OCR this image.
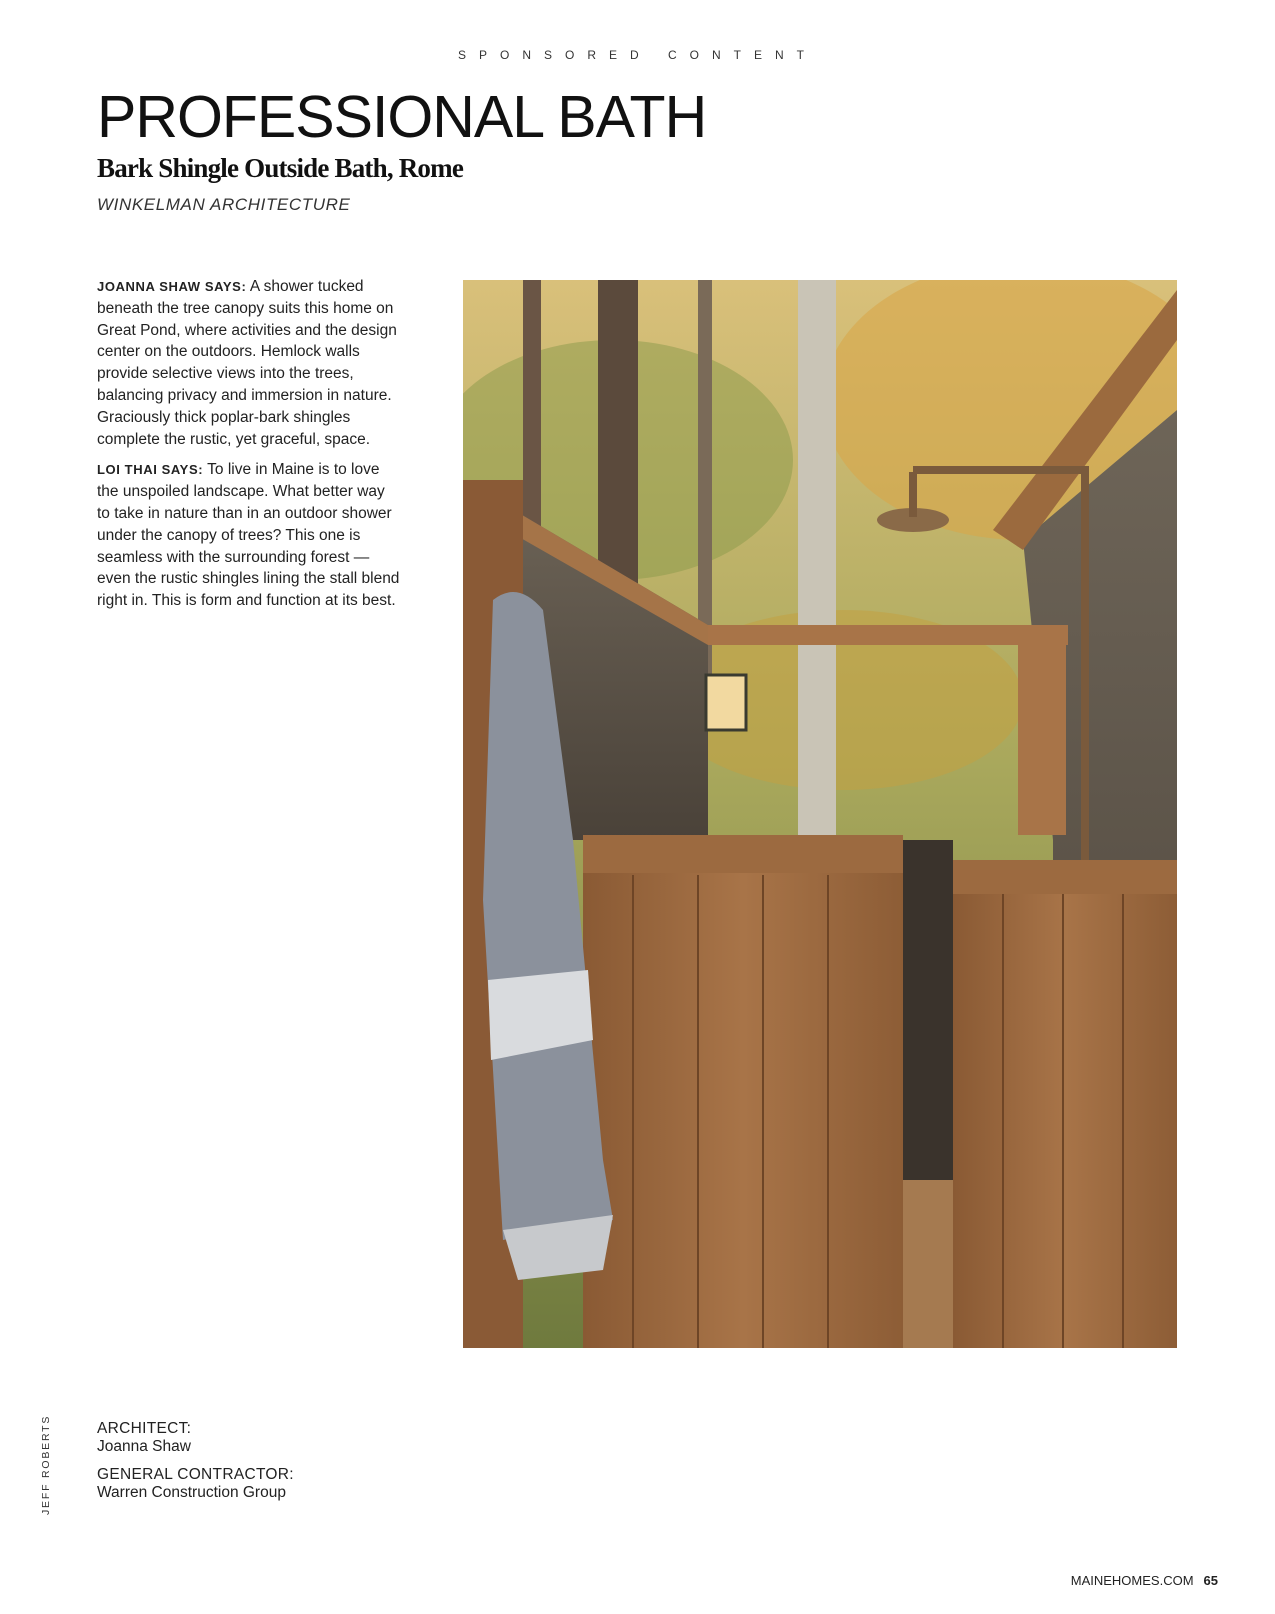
SPONSORED CONTENT
PROFESSIONAL BATH
Bark Shingle Outside Bath, Rome
WINKELMAN ARCHITECTURE

JOANNA SHAW SAYS: A shower tucked beneath the tree canopy suits this home on Great Pond, where activities and the design center on the outdoors. Hemlock walls provide selective views into the trees, balancing privacy and immersion in nature. Graciously thick poplar-bark shingles complete the rustic, yet graceful, space.

LOI THAI SAYS: To live in Maine is to love the unspoiled landscape. What better way to take in nature than in an outdoor shower under the canopy of trees? This one is seamless with the surrounding forest — even the rustic shingles lining the stall blend right in. This is form and function at its best.

JEFF ROBERTS	ARCHITECT:
Joanna Shaw
GENERAL CONTRACTOR:
Warren Construction Group
MAINEHOMES.COM 65
